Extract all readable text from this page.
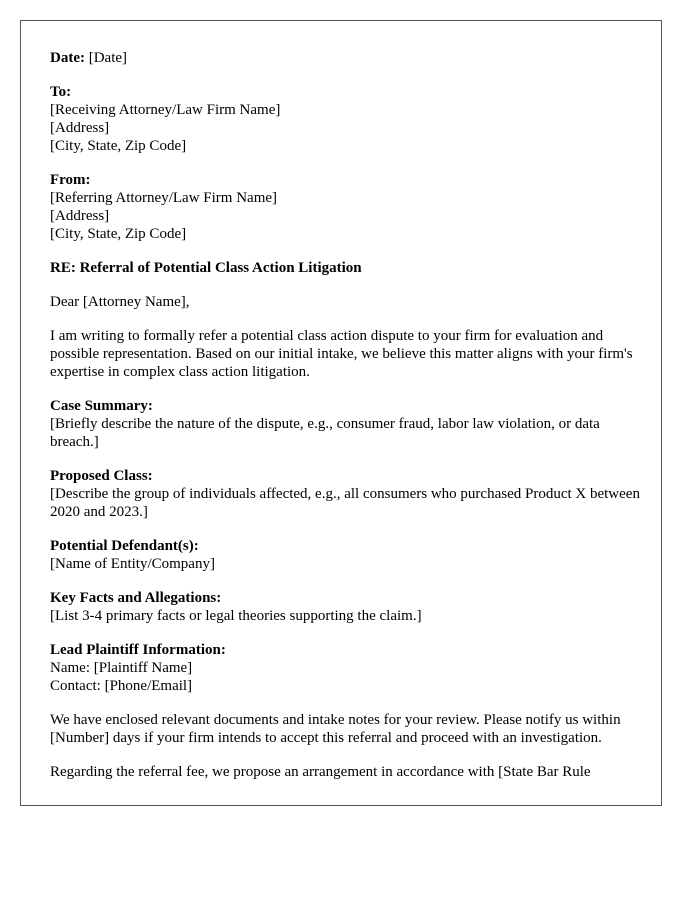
Date: [Date]
To:
[Receiving Attorney/Law Firm Name]
[Address]
[City, State, Zip Code]
From:
[Referring Attorney/Law Firm Name]
[Address]
[City, State, Zip Code]
RE: Referral of Potential Class Action Litigation

Dear [Attorney Name],

I am writing to formally refer a potential class action dispute to your firm for evaluation and possible representation. Based on our initial intake, we believe this matter aligns with your firm's expertise in complex class action litigation.

Case Summary:
[Briefly describe the nature of the dispute, e.g., consumer fraud, labor law violation, or data breach.]
Proposed Class:
[Describe the group of individuals affected, e.g., all consumers who purchased Product X between 2020 and 2023.]
Potential Defendant(s):
[Name of Entity/Company]
Key Facts and Allegations:
[List 3-4 primary facts or legal theories supporting the claim.]
Lead Plaintiff Information:
Name: [Plaintiff Name]
Contact: [Phone/Email]

We have enclosed relevant documents and intake notes for your review. Please notify us within [Number] days if your firm intends to accept this referral and proceed with an investigation.

Regarding the referral fee, we propose an arrangement in accordance with [State Bar Rule
